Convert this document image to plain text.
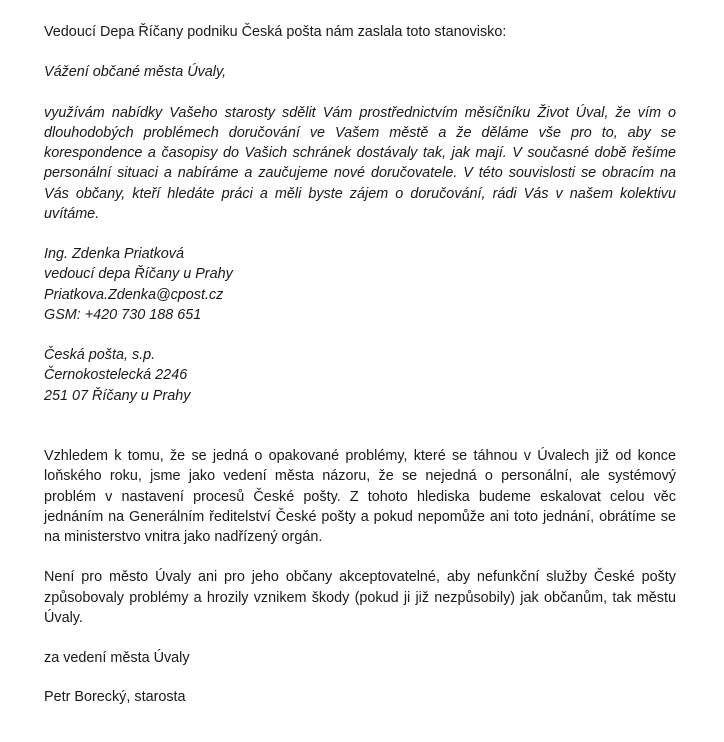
Vedoucí Depa Říčany podniku Česká pošta nám zaslala toto stanovisko:

Vážení občané města Úvaly,

využívám nabídky Vašeho starosty sdělit Vám prostřednictvím měsíčníku Život Úval, že vím o dlouhodobých problémech doručování ve Vašem městě a že děláme vše pro to, aby se korespondence a časopisy do Vašich schránek dostávaly tak, jak mají. V současné době řešíme personální situaci a nabíráme a zaučujeme nové doručovatele. V této souvislosti se obracím na Vás občany, kteří hledáte práci a měli byste zájem o doručování, rádi Vás v našem kolektivu uvítáme.

Ing. Zdenka Priatková

vedoucí depa Říčany u Prahy

Priatkova.Zdenka@cpost.cz

GSM: +420 730 188 651

Česká pošta, s.p.

Černokostelecká 2246

251 07 Říčany u Prahy

Vzhledem k tomu, že se jedná o opakované problémy, které se táhnou v Úvalech již od konce loňského roku, jsme jako vedení města názoru, že se nejedná o personální, ale systémový problém v nastavení procesů České pošty. Z tohoto hlediska budeme eskalovat celou věc jednáním na Generálním ředitelství České pošty a pokud nepomůže ani toto jednání, obrátíme se na ministerstvo vnitra jako nadřízený orgán.

Není pro město Úvaly ani pro jeho občany akceptovatelné, aby nefunkční služby České pošty způsobovaly problémy a hrozily vznikem škody (pokud ji již nezpůsobily) jak občanům, tak městu Úvaly.

za vedení města Úvaly

Petr Borecký, starosta
